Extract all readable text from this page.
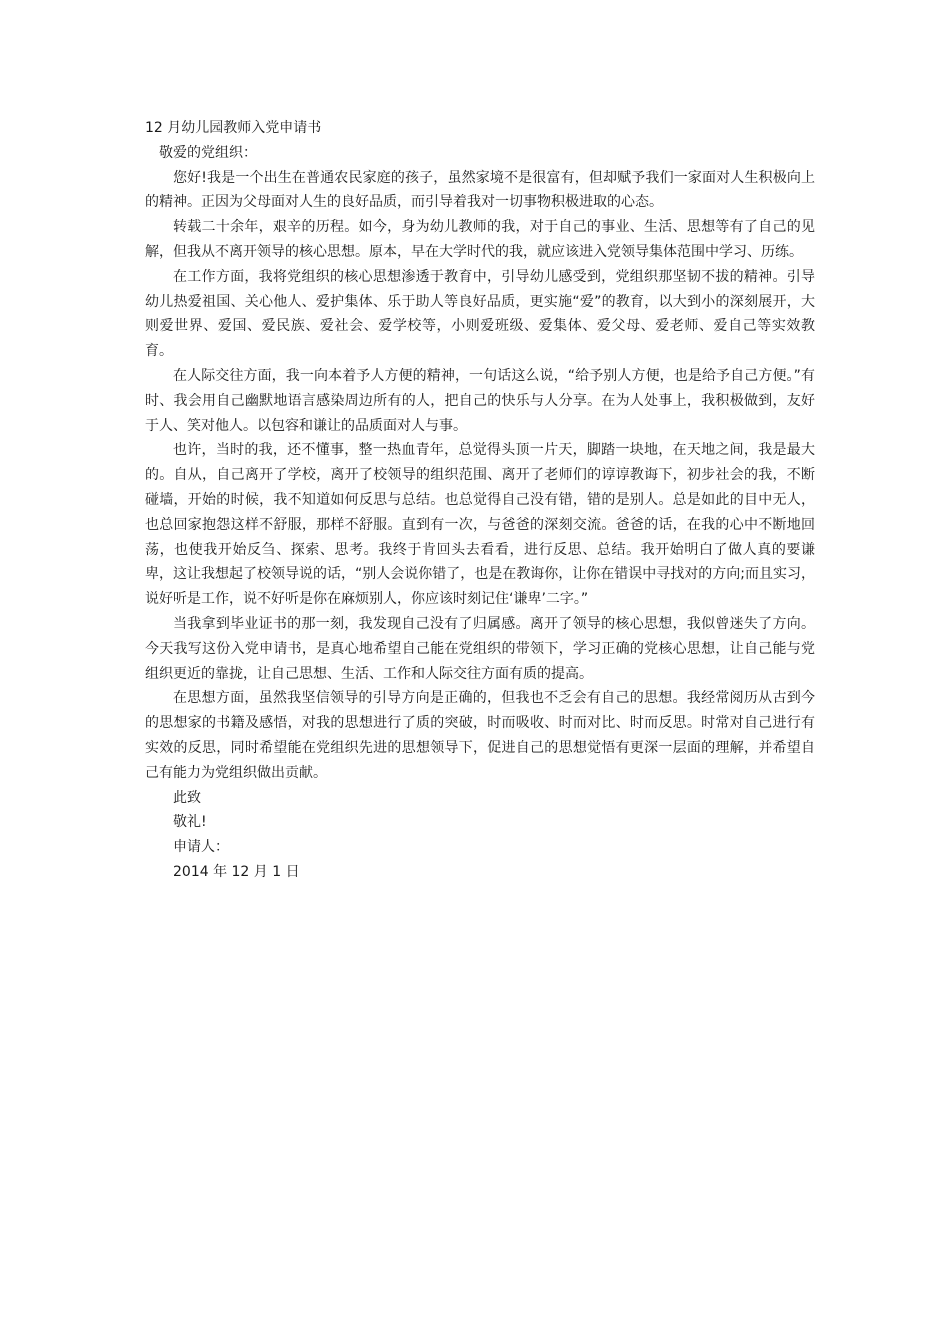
12 月幼儿园教师入党申请书
敬爱的党组织：

您好!我是一个出生在普通农民家庭的孩子，虽然家境不是很富有，但却赋予我们一家面对人生积极向上的精神。正因为父母面对人生的良好品质，而引导着我对一切事物积极进取的心态。

转载二十余年，艰辛的历程。如今，身为幼儿教师的我，对于自己的事业、生活、思想等有了自己的见解，但我从不离开领导的核心思想。原本，早在大学时代的我，就应该进入党领导集体范围中学习、历练。

在工作方面，我将党组织的核心思想渗透于教育中，引导幼儿感受到，党组织那坚韧不拔的精神。引导幼儿热爱祖国、关心他人、爱护集体、乐于助人等良好品质，更实施“爱”的教育，以大到小的深刻展开，大则爱世界、爱国、爱民族、爱社会、爱学校等，小则爱班级、爱集体、爱父母、爱老师、爱自己等实效教育。

在人际交往方面，我一向本着予人方便的精神，一句话这么说，“给予别人方便，也是给予自己方便。”有时、我会用自己幽默地语言感染周边所有的人，把自己的快乐与人分享。在为人处事上，我积极做到，友好于人、笑对他人。以包容和谦让的品质面对人与事。

也许，当时的我，还不懂事，整一热血青年，总觉得头顶一片天，脚踏一块地，在天地之间，我是最大的。自从，自己离开了学校，离开了校领导的组织范围、离开了老师们的谆谆教诲下，初步社会的我，不断碰墙，开始的时候，我不知道如何反思与总结。也总觉得自己没有错，错的是别人。总是如此的目中无人，也总回家抱怨这样不舒服，那样不舒服。直到有一次，与爸爸的深刻交流。爸爸的话，在我的心中不断地回荡，也使我开始反刍、探索、思考。我终于肯回头去看看，进行反思、总结。我开始明白了做人真的要谦卑，这让我想起了校领导说的话，“别人会说你错了，也是在教诲你，让你在错误中寻找对的方向;而且实习，说好听是工作，说不好听是你在麻烦别人，你应该时刻记住‘谦卑’二字。”

当我拿到毕业证书的那一刻，我发现自己没有了归属感。离开了领导的核心思想，我似曾迷失了方向。今天我写这份入党申请书，是真心地希望自己能在党组织的带领下，学习正确的党核心思想，让自己能与党组织更近的靠拢，让自己思想、生活、工作和人际交往方面有质的提高。

在思想方面，虽然我坚信领导的引导方向是正确的，但我也不乏会有自己的思想。我经常阅历从古到今的思想家的书籍及感悟，对我的思想进行了质的突破，时而吸收、时而对比、时而反思。时常对自己进行有实效的反思，同时希望能在党组织先进的思想领导下，促进自己的思想觉悟有更深一层面的理解，并希望自己有能力为党组织做出贡献。

此致
敬礼!
申请人：
2014 年 12 月 1 日
